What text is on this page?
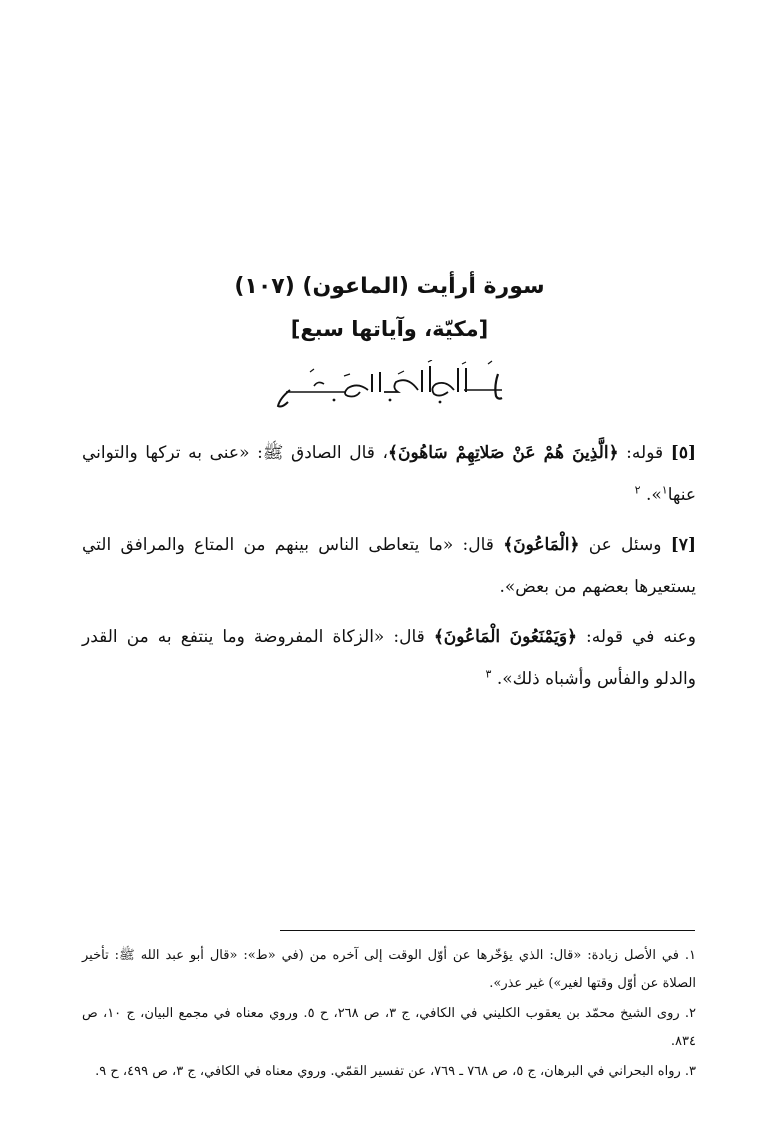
سورة أرأيت (الماعون) (١٠٧)
[مكيّة، وآياتها سبع]

[٥] قوله: ﴿الَّذِينَ هُمْ عَنْ صَلاتِهِمْ سَاهُونَ﴾، قال الصادق ﷺ: «عنى به تركها والتواني عنها$^١$». $^٢$

[٧] وسئل عن ﴿الْمَاعُونَ﴾ قال: «ما يتعاطى الناس بينهم من المتاع والمرافق التي يستعيرها بعضهم من بعض».

وعنه في قوله: ﴿وَيَمْنَعُونَ الْمَاعُونَ﴾ قال: «الزكاة المفروضة وما ينتفع به من القدر والدلو والفأس وأشباه ذلك». $^٣$

١. في الأصل زيادة: «قال: الذي يؤخّرها عن أوّل الوقت إلى آخره من (في «ط»: «قال أبو عبد الله ﷺ: تأخير الصلاة عن أوّل وقتها لغير») غير عذر».

٢. روى الشيخ محمّد بن يعقوب الكليني في الكافي، ج ٣، ص ٢٦٨، ح ٥. وروي معناه في مجمع البيان، ج ١٠، ص ٨٣٤.

٣. رواه البحراني في البرهان، ج ٥، ص ٧٦٨ ـ ٧٦٩، عن تفسير القمّي. وروي معناه في الكافي، ج ٣، ص ٤٩٩، ح ٩.
